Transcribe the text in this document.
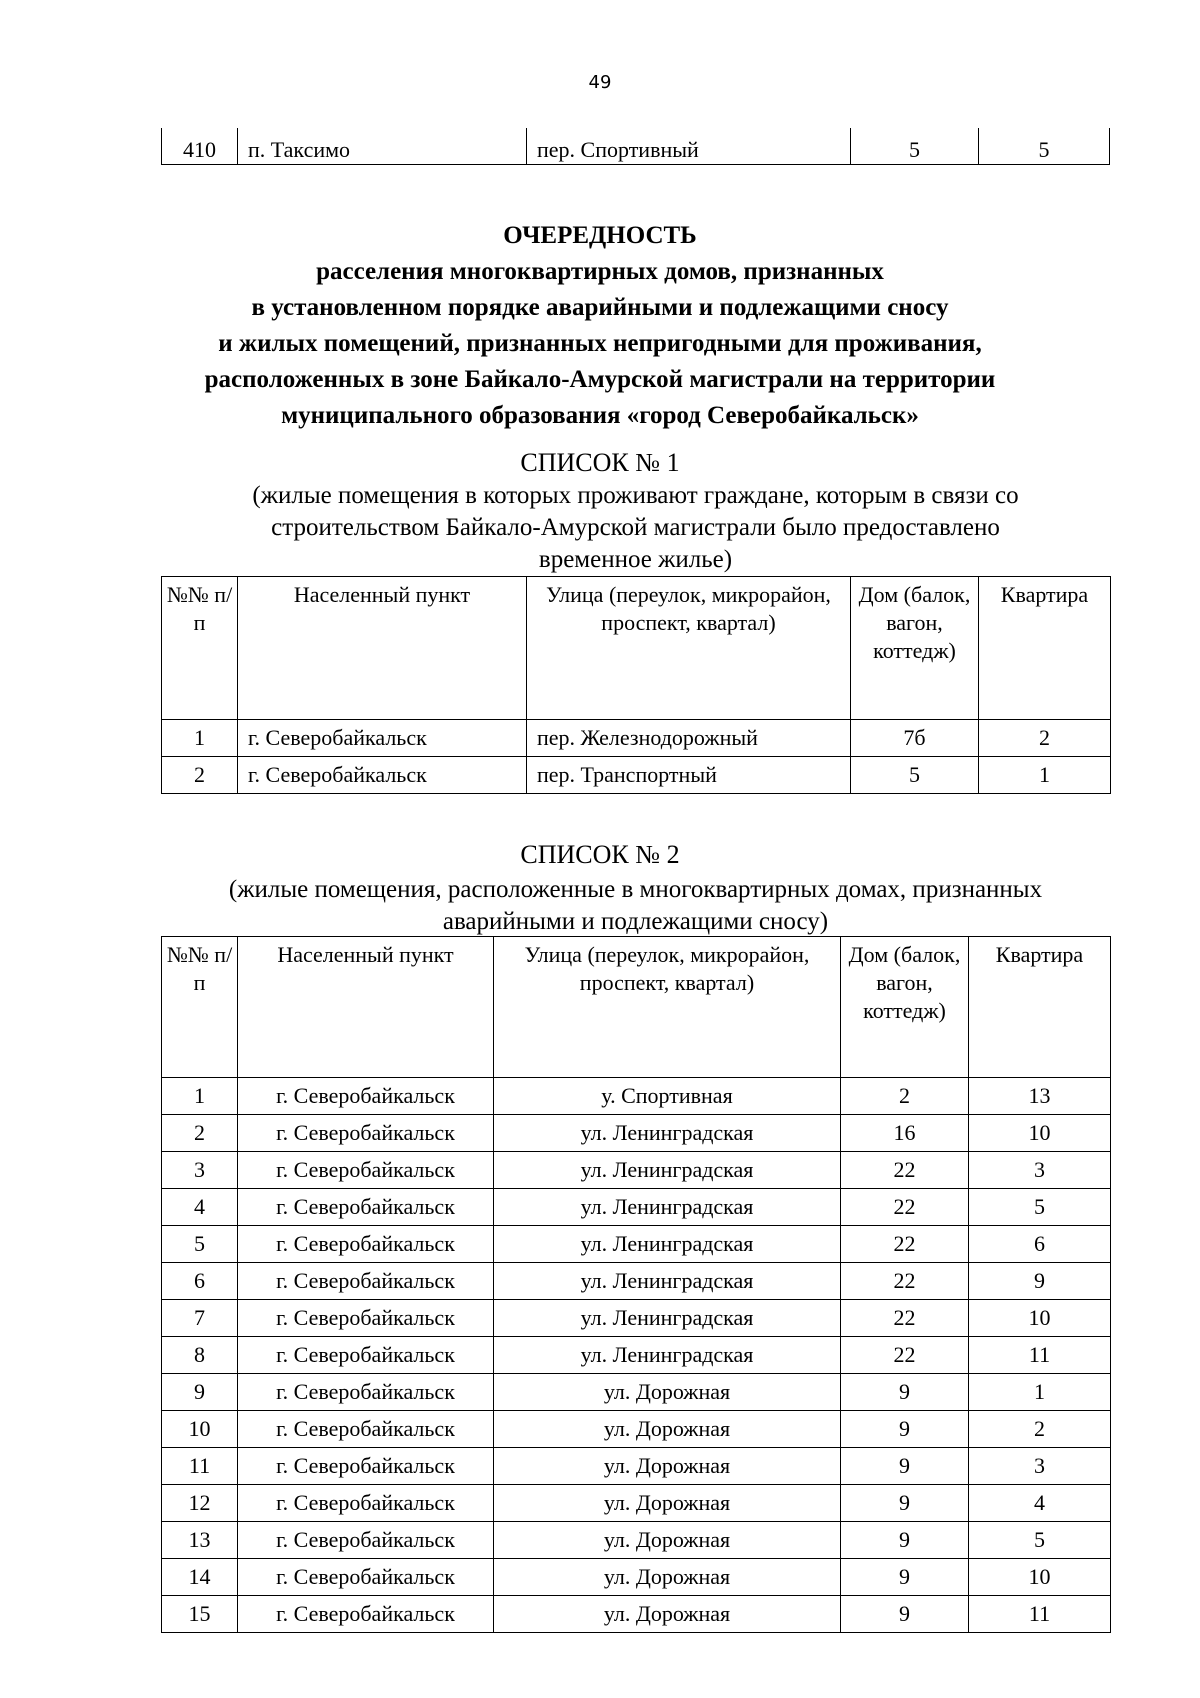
49
410	п. Таксимо	пер. Спортивный	5	5
ОЧЕРЕДНОСТЬ
расселения многоквартирных домов, признанных
в установленном порядке аварийными и подлежащими сносу
и жилых помещений, признанных непригодными для проживания,
расположенных в зоне Байкало-Амурской магистрали на территории
муниципального образования «город Северобайкальск»
СПИСОК № 1
(жилые помещения в которых проживают граждане, которым в связи со
строительством Байкало-Амурской магистрали было предоставлено
временное жилье)
№№ п/п	Населенный пункт	Улица (переулок, микрорайон, проспект, квартал)	Дом (балок, вагон, коттедж)	Квартира
1	г. Северобайкальск	пер. Железнодорожный	7б	2
2	г. Северобайкальск	пер. Транспортный	5	1
СПИСОК № 2
(жилые помещения, расположенные в многоквартирных домах, признанных
аварийными и подлежащими сносу)
№№ п/п	Населенный пункт	Улица (переулок, микрорайон, проспект, квартал)	Дом (балок, вагон, коттедж)	Квартира
1	г. Северобайкальск	у. Спортивная	2	13
2	г. Северобайкальск	ул. Ленинградская	16	10
3	г. Северобайкальск	ул. Ленинградская	22	3
4	г. Северобайкальск	ул. Ленинградская	22	5
5	г. Северобайкальск	ул. Ленинградская	22	6
6	г. Северобайкальск	ул. Ленинградская	22	9
7	г. Северобайкальск	ул. Ленинградская	22	10
8	г. Северобайкальск	ул. Ленинградская	22	11
9	г. Северобайкальск	ул. Дорожная	9	1
10	г. Северобайкальск	ул. Дорожная	9	2
11	г. Северобайкальск	ул. Дорожная	9	3
12	г. Северобайкальск	ул. Дорожная	9	4
13	г. Северобайкальск	ул. Дорожная	9	5
14	г. Северобайкальск	ул. Дорожная	9	10
15	г. Северобайкальск	ул. Дорожная	9	11
